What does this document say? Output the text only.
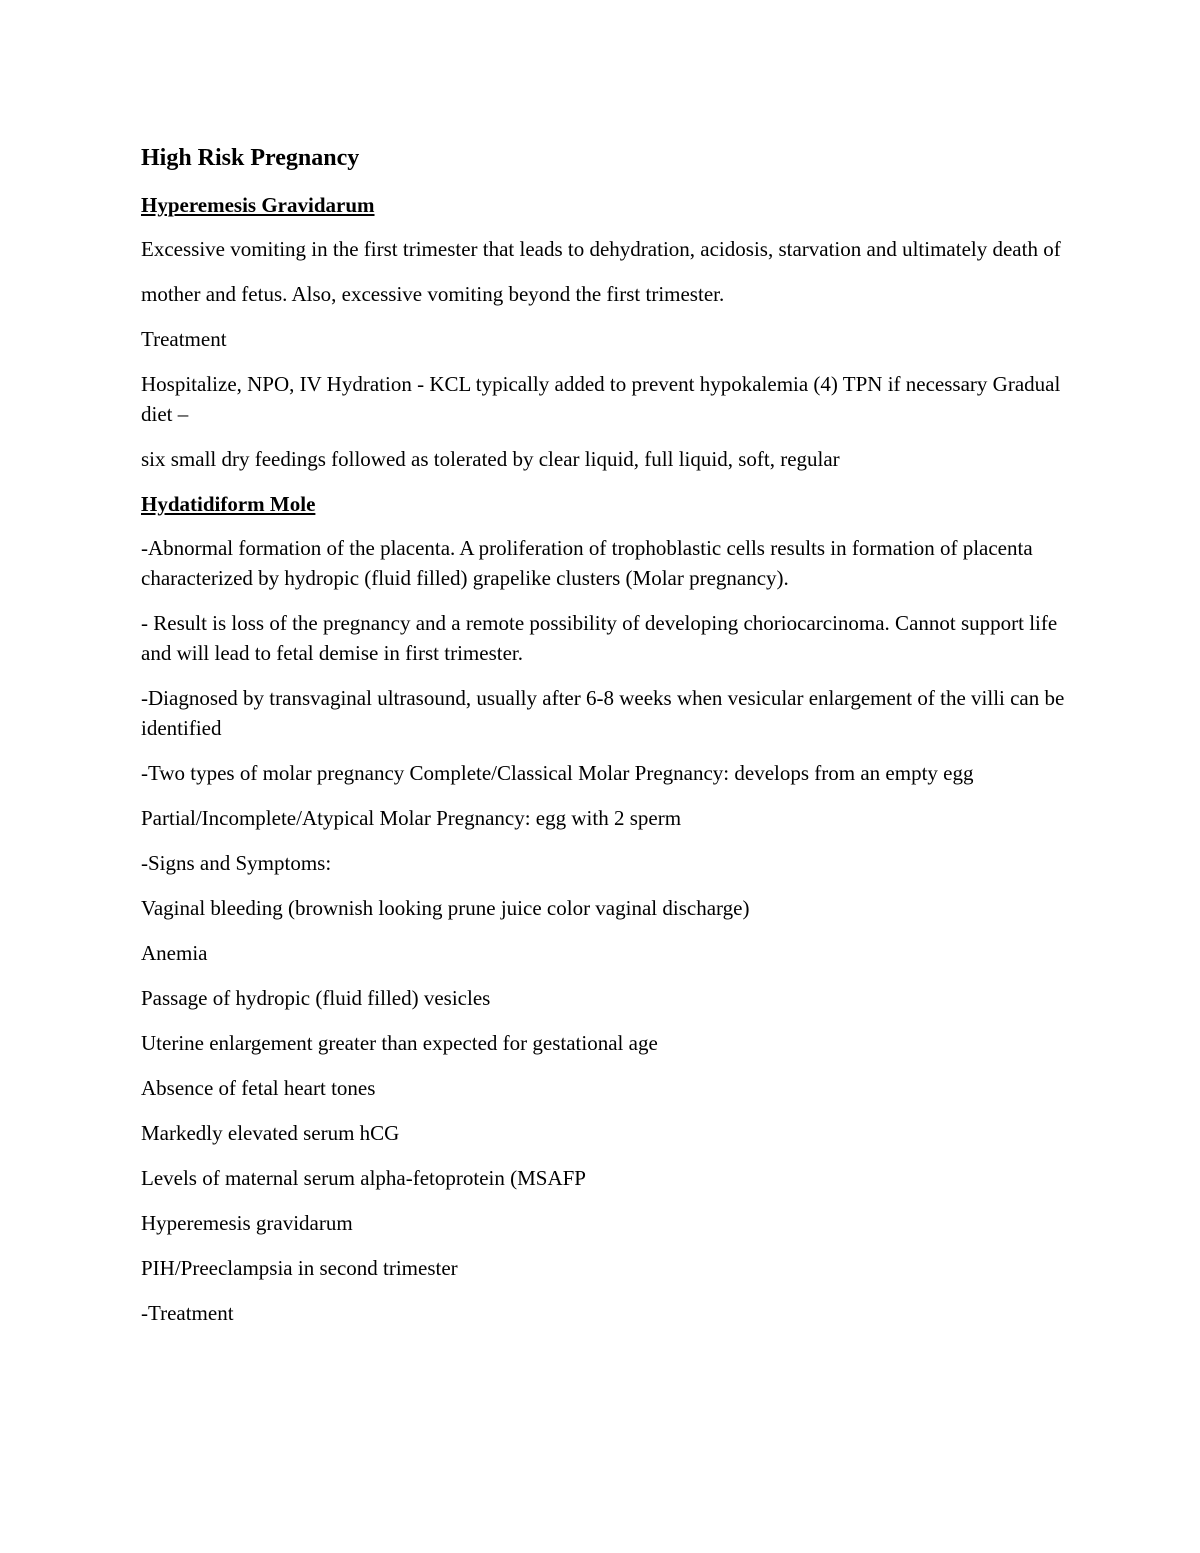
High Risk Pregnancy
Hyperemesis Gravidarum

Excessive vomiting in the first trimester that leads to dehydration, acidosis, starvation and ultimately death of

mother and fetus. Also, excessive vomiting beyond the first trimester.

Treatment

Hospitalize, NPO, IV Hydration - KCL typically added to prevent hypokalemia (4) TPN if necessary Gradual diet –

six small dry feedings followed as tolerated by clear liquid, full liquid, soft, regular

Hydatidiform Mole

-Abnormal formation of the placenta. A proliferation of trophoblastic cells results in formation of placenta characterized by hydropic (fluid filled) grapelike clusters (Molar pregnancy).

- Result is loss of the pregnancy and a remote possibility of developing choriocarcinoma. Cannot support life and will lead to fetal demise in first trimester.

-Diagnosed by transvaginal ultrasound, usually after 6-8 weeks when vesicular enlargement of the villi can be identified

-Two types of molar pregnancy Complete/Classical Molar Pregnancy: develops from an empty egg

Partial/Incomplete/Atypical Molar Pregnancy: egg with 2 sperm

-Signs and Symptoms:

Vaginal bleeding (brownish looking prune juice color vaginal discharge)

Anemia

Passage of hydropic (fluid filled) vesicles

Uterine enlargement greater than expected for gestational age

Absence of fetal heart tones

Markedly elevated serum hCG

Levels of maternal serum alpha-fetoprotein (MSAFP

Hyperemesis gravidarum

PIH/Preeclampsia in second trimester

-Treatment
